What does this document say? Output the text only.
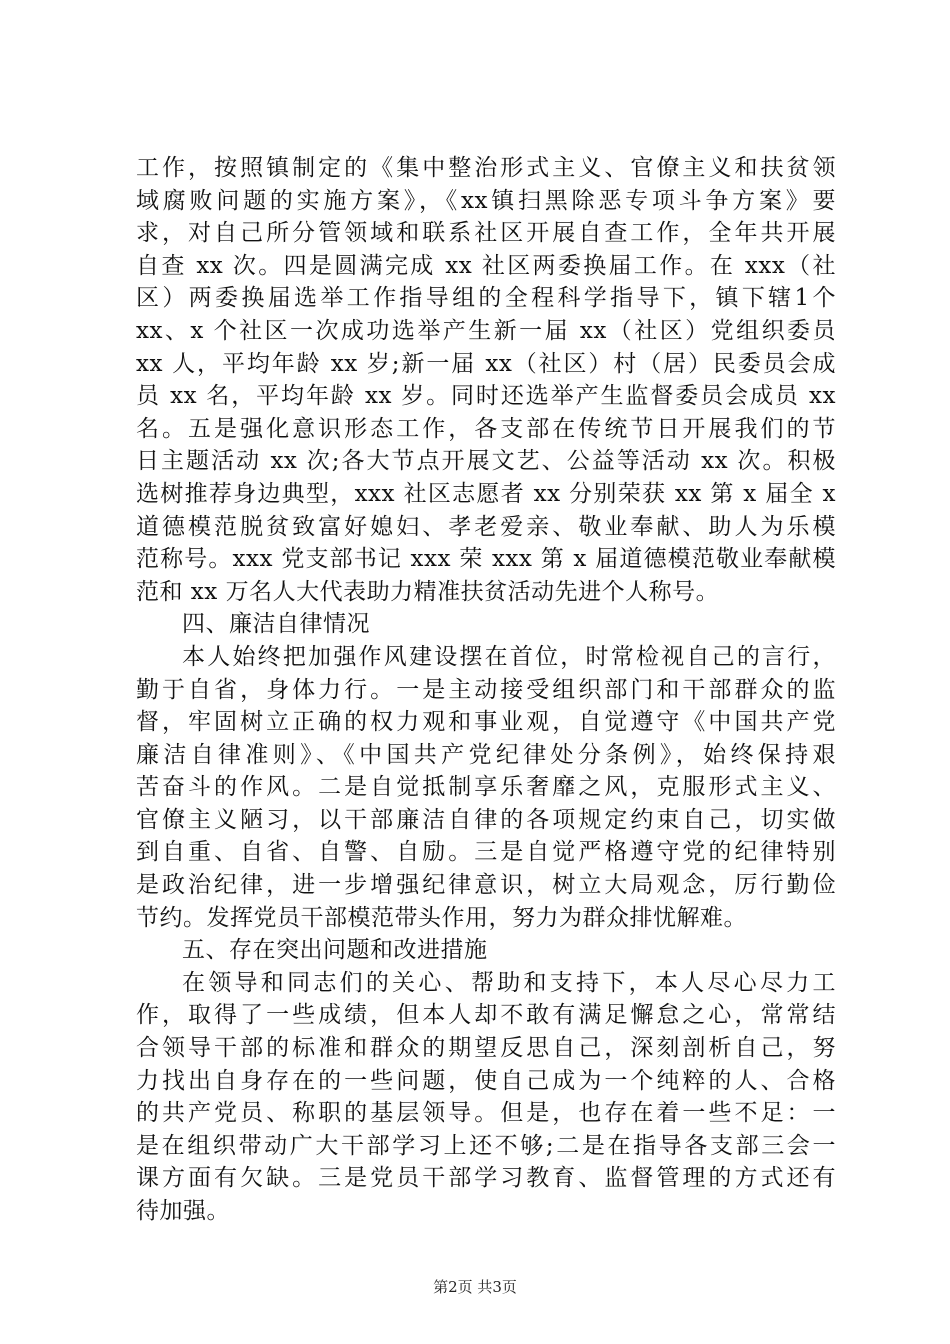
工作，按照镇制定的《集中整治形式主义、官僚主义和扶贫领
域腐败问题的实施方案》，《xx镇扫黑除恶专项斗争方案》要
求，对自己所分管领域和联系社区开展自查工作，全年共开展
自查 xx 次。四是圆满完成 xx 社区两委换届工作。在 xxx（社
区）两委换届选举工作指导组的全程科学指导下，镇下辖1个
xx、x 个社区一次成功选举产生新一届 xx（社区）党组织委员
xx 人，平均年龄 xx 岁;新一届 xx（社区）村（居）民委员会成
员 xx 名，平均年龄 xx 岁。同时还选举产生监督委员会成员 xx
名。五是强化意识形态工作，各支部在传统节日开展我们的节
日主题活动 xx 次;各大节点开展文艺、公益等活动 xx 次。积极
选树推荐身边典型，xxx 社区志愿者 xx 分别荣获 xx 第 x 届全 x
道德模范脱贫致富好媳妇、孝老爱亲、敬业奉献、助人为乐模
范称号。xxx 党支部书记 xxx 荣 xxx 第 x 届道德模范敬业奉献模
范和 xx 万名人大代表助力精准扶贫活动先进个人称号。
四、廉洁自律情况
本人始终把加强作风建设摆在首位，时常检视自己的言行，
勤于自省，身体力行。一是主动接受组织部门和干部群众的监
督，牢固树立正确的权力观和事业观，自觉遵守《中国共产党
廉洁自律准则》、《中国共产党纪律处分条例》，始终保持艰
苦奋斗的作风。二是自觉抵制享乐奢靡之风，克服形式主义、
官僚主义陋习，以干部廉洁自律的各项规定约束自己，切实做
到自重、自省、自警、自励。三是自觉严格遵守党的纪律特别
是政治纪律，进一步增强纪律意识，树立大局观念，厉行勤俭
节约。发挥党员干部模范带头作用，努力为群众排忧解难。
五、存在突出问题和改进措施
在领导和同志们的关心、帮助和支持下，本人尽心尽力工
作，取得了一些成绩，但本人却不敢有满足懈怠之心，常常结
合领导干部的标准和群众的期望反思自己，深刻剖析自己，努
力找出自身存在的一些问题，使自己成为一个纯粹的人、合格
的共产党员、称职的基层领导。但是，也存在着一些不足：一
是在组织带动广大干部学习上还不够;二是在指导各支部三会一
课方面有欠缺。三是党员干部学习教育、监督管理的方式还有
待加强。
第2页 共3页
